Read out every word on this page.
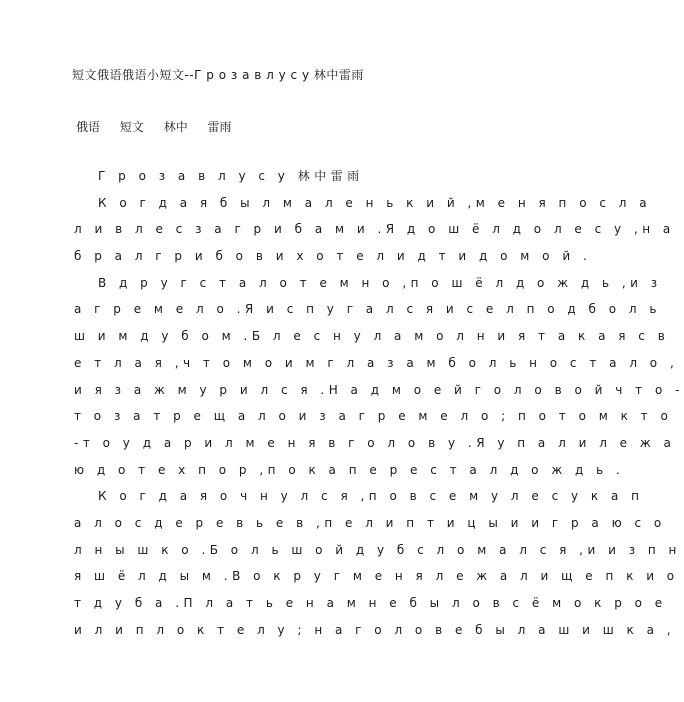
短文俄语俄语小短文--Г р о з а в л у с у 林中雷雨
俄语 短文 林中 雷雨
Г р о з а в л у с у 林中雷雨
К о г д а я б ы л м а л е н ь к и й ,м е н я п о с л а
л и в л е с з а г р и б а м и .Я д о ш ё л д о л е с у ,н а
б р а л г р и б о в и х о т е л и д т и д о м о й .
В д р у г с т а л о т е м н о ,п о ш ё л д о ж д ь ,и з
а г р е м е л о .Я и с п у г а л с я и с е л п о д б о л ь
ш и м д у б о м .Б л е с н у л а м о л н и я т а к а я с в
е т л а я ,ч т о м о и м г л а з а м б о л ь н о с т а л о ,
и я з а ж м у р и л с я .Н а д м о е й г о л о в о й ч т о -
т о з а т р е щ а л о и з а г р е м е л о ; п о т о м к т о
-т о у д а р и л м е н я в г о л о в у .Я у п а л и л е ж а
ю д о т е х п о р ,п о к а п е р е с т а л д о ж д ь .
К о г д а я о ч н у л с я ,п о в с е м у л е с у к а п
а л о с д е р е в ь е в ,п е л и п т и ц ы и и г р а ю с о
л н ы ш к о .Б о л ь ш о й д у б с л о м а л с я ,и и з п н
я ш ё л д ы м .В о к р у г м е н я л е ж а л и щ е п к и о
т д у б а .П л а т ь е н а м н е б ы л о в с ё м о к р о е
и л и п л о к т е л у ; н а г о л о в е б ы л а ш и ш к а ,
